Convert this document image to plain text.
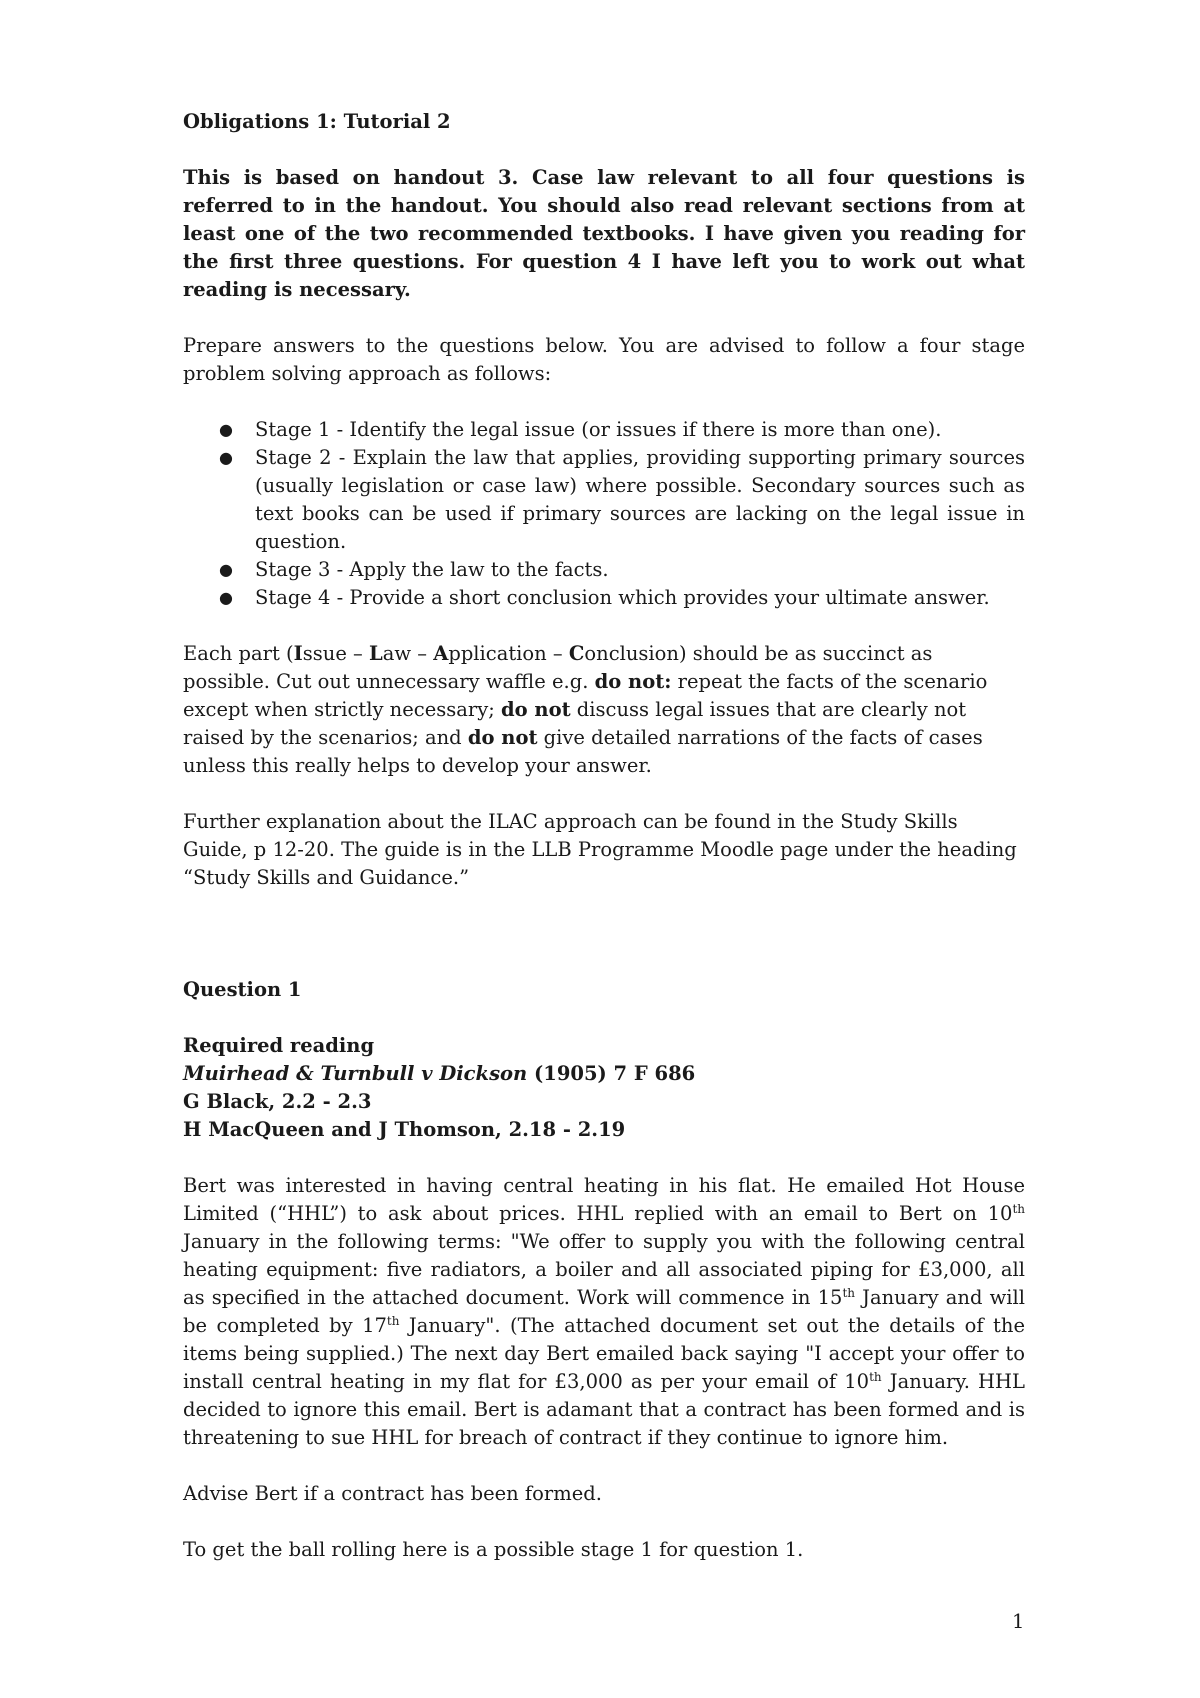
Obligations 1: Tutorial 2

This is based on handout 3. Case law relevant to all four questions is referred to in the handout. You should also read relevant sections from at least one of the two recommended textbooks. I have given you reading for the first three questions. For question 4 I have left you to work out what reading is necessary.

Prepare answers to the questions below. You are advised to follow a four stage problem solving approach as follows:

● Stage 1 - Identify the legal issue (or issues if there is more than one).
● Stage 2 - Explain the law that applies, providing supporting primary sources (usually legislation or case law) where possible. Secondary sources such as text books can be used if primary sources are lacking on the legal issue in question.
● Stage 3 - Apply the law to the facts.
● Stage 4 - Provide a short conclusion which provides your ultimate answer.

Each part (Issue – Law – Application – Conclusion) should be as succinct as possible. Cut out unnecessary waffle e.g. do not: repeat the facts of the scenario except when strictly necessary; do not discuss legal issues that are clearly not raised by the scenarios; and do not give detailed narrations of the facts of cases unless this really helps to develop your answer.

Further explanation about the ILAC approach can be found in the Study Skills Guide, p 12-20. The guide is in the LLB Programme Moodle page under the heading “Study Skills and Guidance.”

Question 1

Required reading

Muirhead & Turnbull v Dickson (1905) 7 F 686

G Black, 2.2 - 2.3

H MacQueen and J Thomson, 2.18 - 2.19

Bert was interested in having central heating in his flat. He emailed Hot House Limited (“HHL”) to ask about prices. HHL replied with an email to Bert on 10th January in the following terms: "We offer to supply you with the following central heating equipment: five radiators, a boiler and all associated piping for £3,000, all as specified in the attached document. Work will commence in 15th January and will be completed by 17th January". (The attached document set out the details of the items being supplied.) The next day Bert emailed back saying "I accept your offer to install central heating in my flat for £3,000 as per your email of 10th January. HHL decided to ignore this email. Bert is adamant that a contract has been formed and is threatening to sue HHL for breach of contract if they continue to ignore him.

Advise Bert if a contract has been formed.

To get the ball rolling here is a possible stage 1 for question 1.

1
